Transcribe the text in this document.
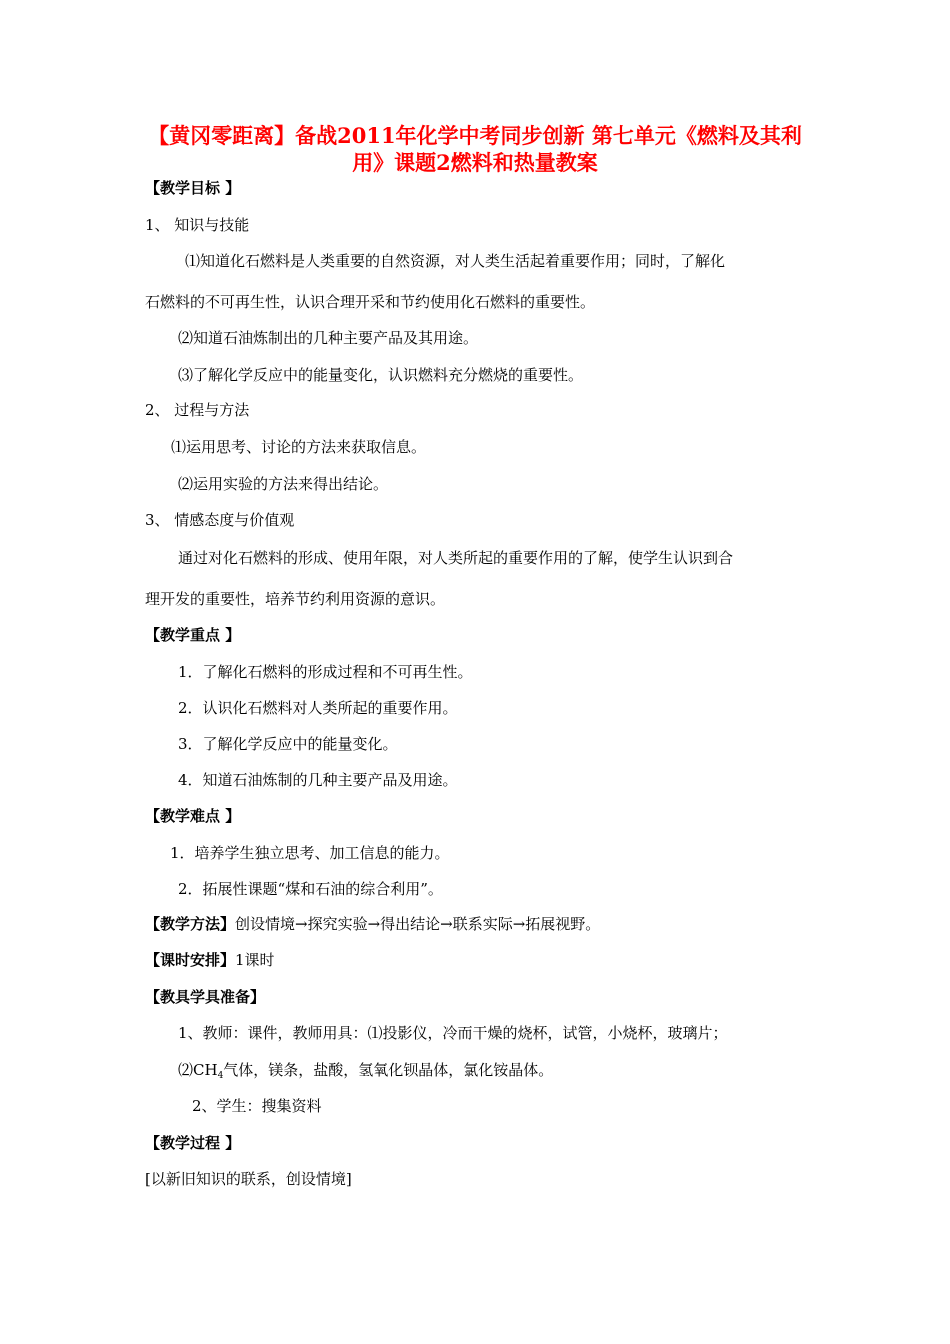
【黄冈零距离】备战2011年化学中考同步创新 第七单元《燃料及其利用》课题2燃料和热量教案
【教学目标 】
1、 知识与技能
⑴知道化石燃料是人类重要的自然资源，对人类生活起着重要作用；同时，了解化
石燃料的不可再生性，认识合理开采和节约使用化石燃料的重要性。
⑵知道石油炼制出的几种主要产品及其用途。
⑶了解化学反应中的能量变化，认识燃料充分燃烧的重要性。
2、 过程与方法
⑴运用思考、讨论的方法来获取信息。
⑵运用实验的方法来得出结论。
3、 情感态度与价值观
通过对化石燃料的形成、使用年限，对人类所起的重要作用的了解，使学生认识到合
理开发的重要性，培养节约利用资源的意识。
【教学重点 】
1．了解化石燃料的形成过程和不可再生性。
2．认识化石燃料对人类所起的重要作用。
3．了解化学反应中的能量变化。
4．知道石油炼制的几种主要产品及用途。
【教学难点 】
1．培养学生独立思考、加工信息的能力。
2．拓展性课题“煤和石油的综合利用”。
【教学方法】创设情境→探究实验→得出结论→联系实际→拓展视野。
【课时安排】1课时
【教具学具准备】
1、教师：课件，教师用具：⑴投影仪，冷而干燥的烧杯，试管，小烧杯，玻璃片；
$⑵CH_4$气体，镁条，盐酸，氢氧化钡晶体，氯化铵晶体。
2、学生：搜集资料
【教学过程 】
[以新旧知识的联系，创设情境]
